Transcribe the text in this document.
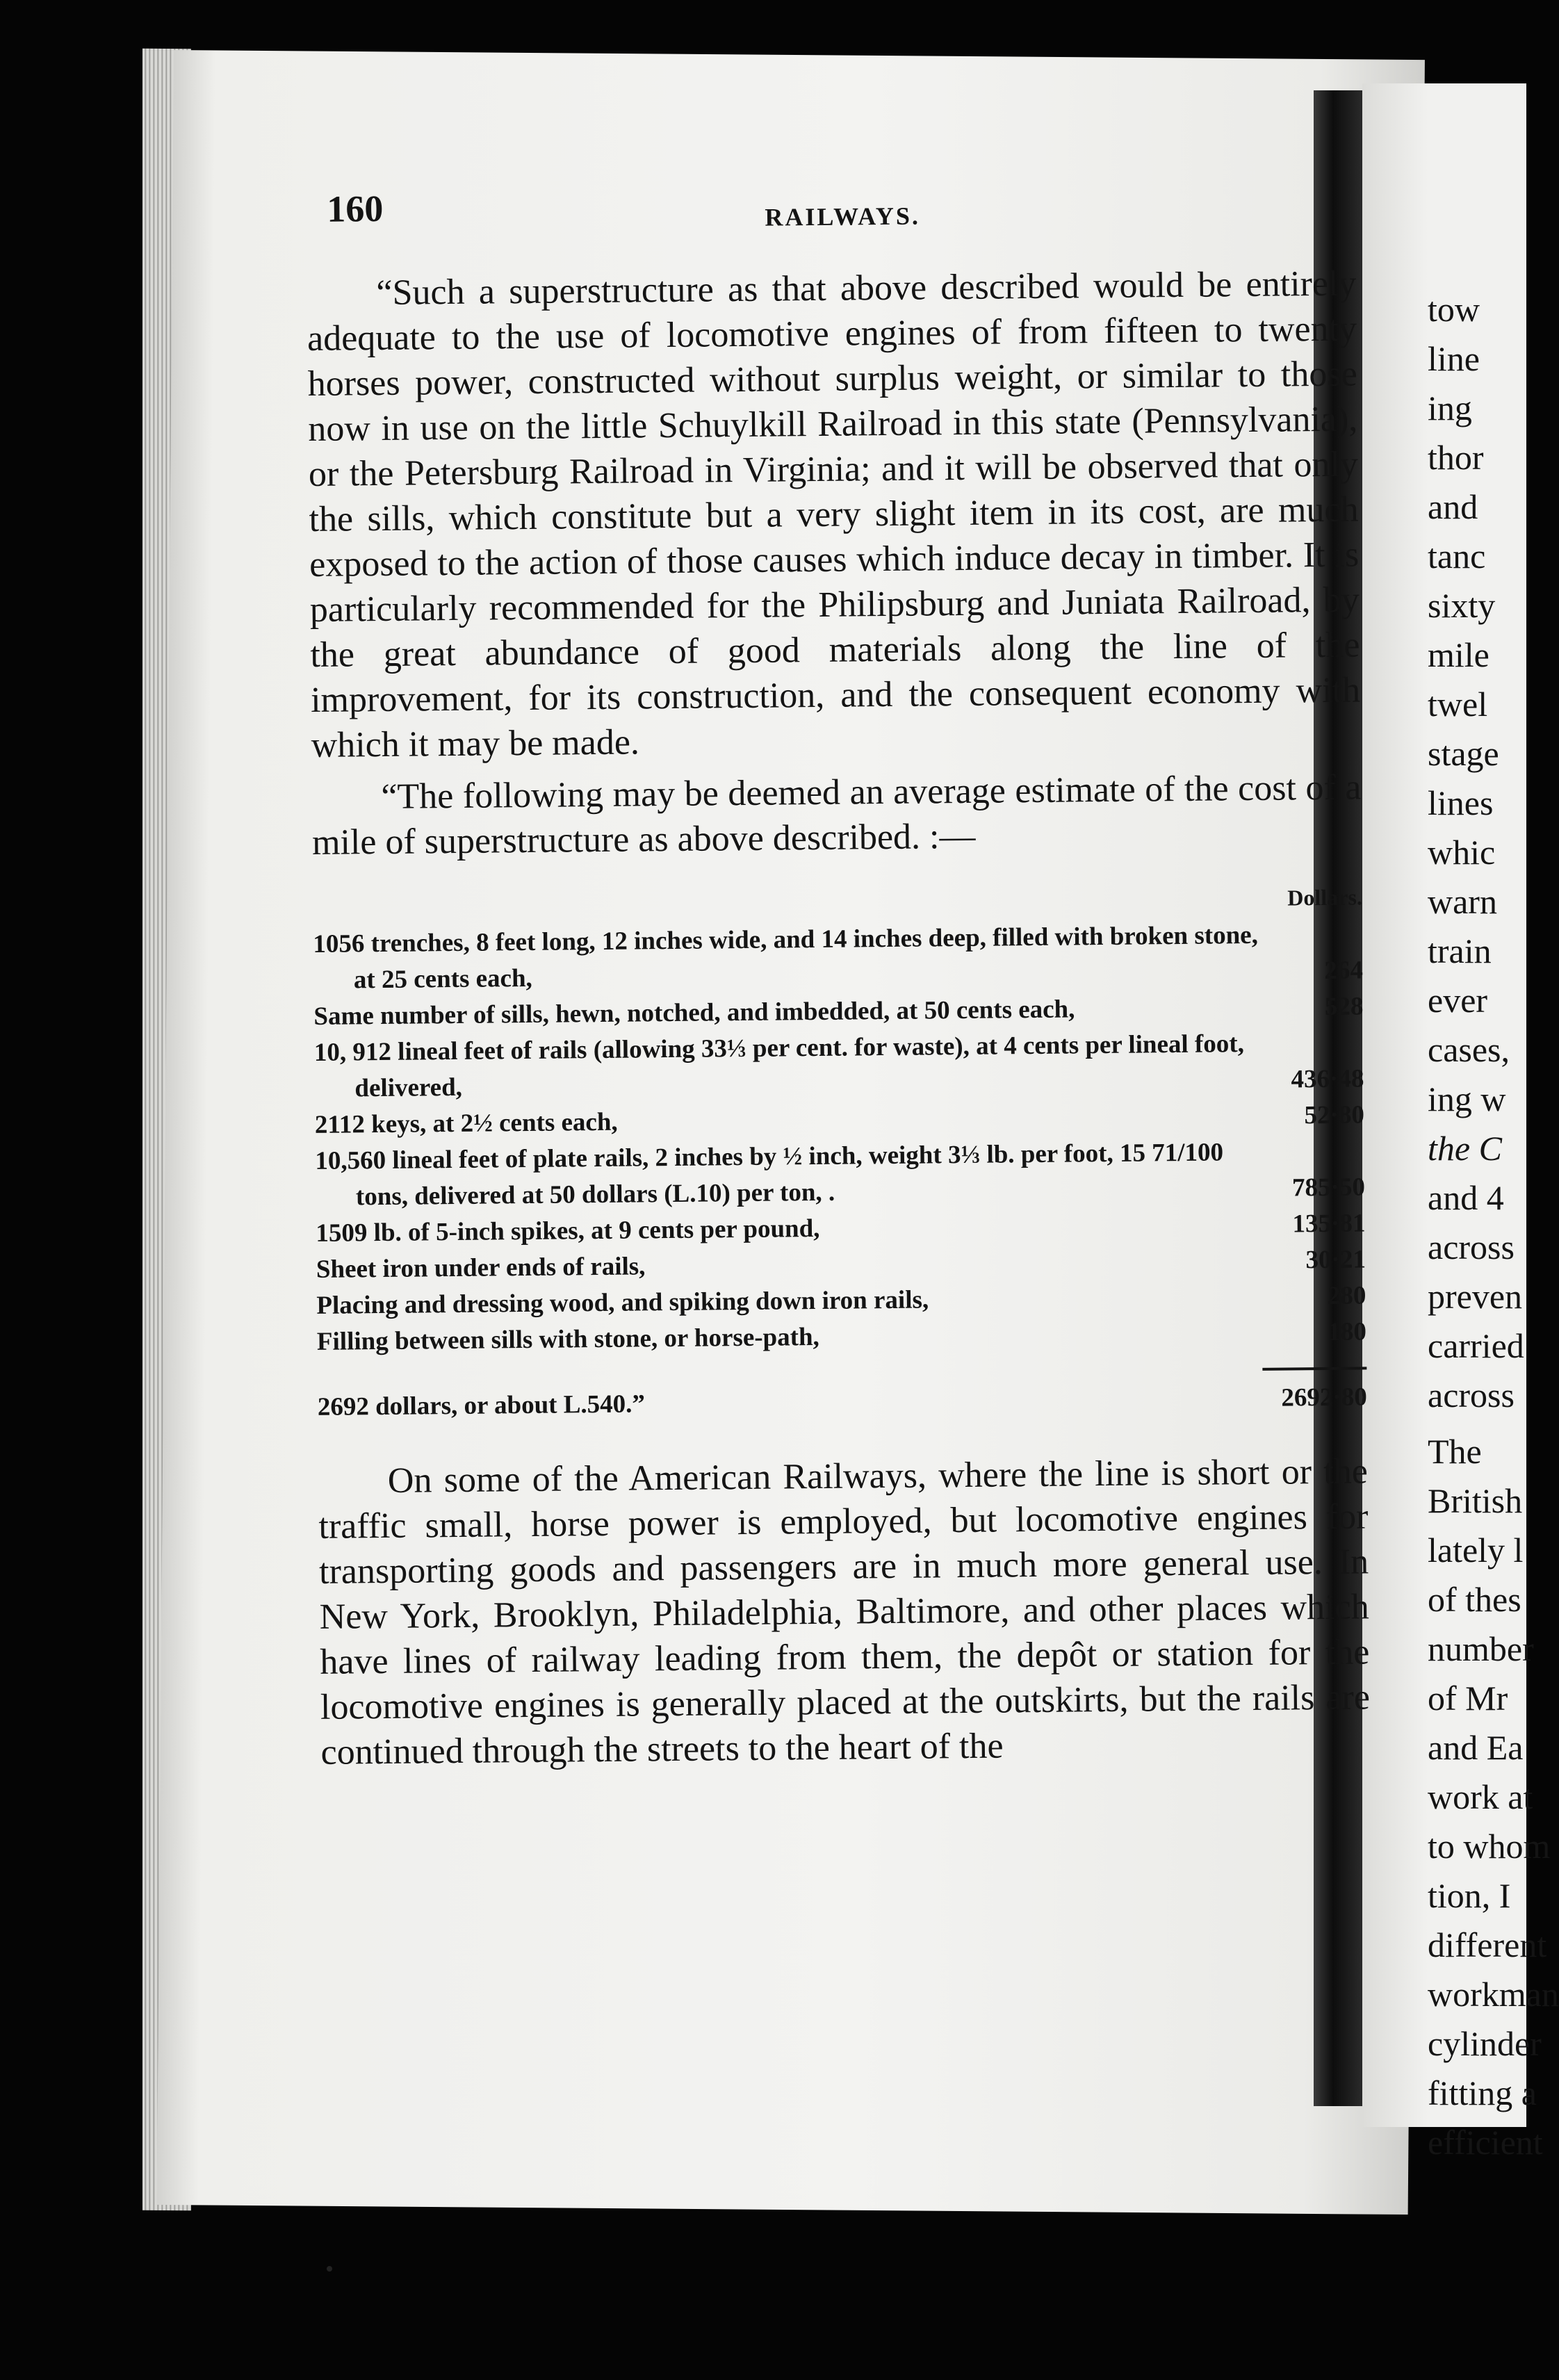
tow
line
ing
thor
and
tanc
sixty
mile
twel
stage
lines
whic
warn
train
ever
cases,
ing w
the C
and 4
across
preven
carried
across
The
British
lately l
of thes
number
of Mr
and Ea
work at
to whom
tion, I
different
workman
cylinder
fitting a
efficient
160	RAILWAYS.

“Such a superstructure as that above described would be entirely adequate to the use of locomotive engines of from fifteen to twenty horses power, constructed without surplus weight, or similar to those now in use on the little Schuylkill Railroad in this state (Pennsylvania), or the Petersburg Railroad in Virginia; and it will be observed that only the sills, which constitute but a very slight item in its cost, are much exposed to the action of those causes which induce decay in timber. It is particularly recommended for the Philipsburg and Juniata Railroad, by the great abundance of good materials along the line of the improvement, for its construction, and the consequent economy with which it may be made.

“The following may be deemed an average estimate of the cost of a mile of superstructure as above described. :—

Dollars.
1056 trenches, 8 feet long, 12 inches wide, and 14 inches deep, filled with broken stone, at 25 cents each,	264
Same number of sills, hewn, notched, and imbedded, at 50 cents each,	528
10, 912 lineal feet of rails (allowing 33⅓ per cent. for waste), at 4 cents per lineal foot, delivered,	436·48
2112 keys, at 2½ cents each,	52·80
10,560 lineal feet of plate rails, 2 inches by ½ inch, weight 3⅓ lb. per foot, 15 71/100 tons, delivered at 50 dollars (L.10) per ton, .	785·50
1509 lb. of 5-inch spikes, at 9 cents per pound,	135·81
Sheet iron under ends of rails,	30·21
Placing and dressing wood, and spiking down iron rails,	280
Filling between sills with stone, or horse-path,	180
2692 dollars, or about L.540.”	2692·80

On some of the American Railways, where the line is short or the traffic small, horse power is employed, but locomotive engines for transporting goods and passengers are in much more general use. In New York, Brooklyn, Philadelphia, Baltimore, and other places which have lines of railway leading from them, the depôt or station for the locomotive engines is generally placed at the outskirts, but the rails are continued through the streets to the heart of the
